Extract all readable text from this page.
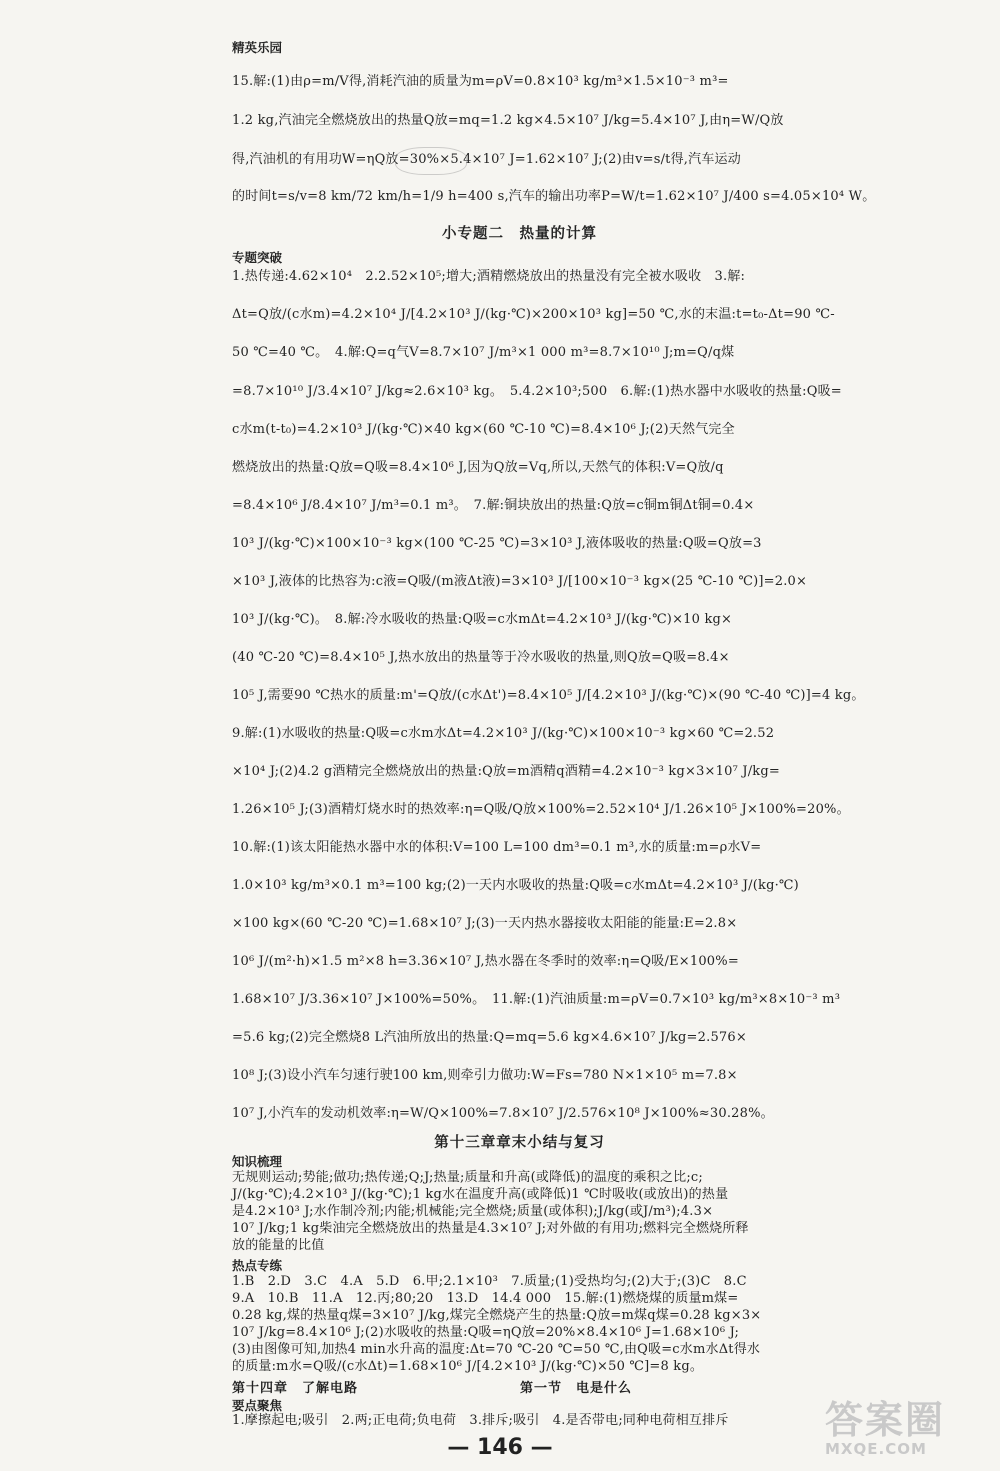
精英乐园
15.解:(1)由ρ=m/V得,消耗汽油的质量为m=ρV=0.8×10³ kg/m³×1.5×10⁻³ m³=
1.2 kg,汽油完全燃烧放出的热量Q放=mq=1.2 kg×4.5×10⁷ J/kg=5.4×10⁷ J,由η=W/Q放
得,汽油机的有用功W=ηQ放=30%×5.4×10⁷ J=1.62×10⁷ J;(2)由v=s/t得,汽车运动
的时间t=s/v=8 km/72 km/h=1/9 h=400 s,汽车的输出功率P=W/t=1.62×10⁷ J/400 s=4.05×10⁴ W。
小专题二　热量的计算
专题突破
1.热传递:4.62×10⁴　2.2.52×10⁵;增大;酒精燃烧放出的热量没有完全被水吸收　3.解:
Δt=Q放/(c水m)=4.2×10⁴ J/[4.2×10³ J/(kg·℃)×200×10³ kg]=50 ℃,水的末温:t=t₀-Δt=90 ℃-
50 ℃=40 ℃。　4.解:Q=q气V=8.7×10⁷ J/m³×1 000 m³=8.7×10¹⁰ J;m=Q/q煤
=8.7×10¹⁰ J/3.4×10⁷ J/kg≈2.6×10³ kg。　5.4.2×10³;500　6.解:(1)热水器中水吸收的热量:Q吸=
c水m(t-t₀)=4.2×10³ J/(kg·℃)×40 kg×(60 ℃-10 ℃)=8.4×10⁶ J;(2)天然气完全
燃烧放出的热量:Q放=Q吸=8.4×10⁶ J,因为Q放=Vq,所以,天然气的体积:V=Q放/q
=8.4×10⁶ J/8.4×10⁷ J/m³=0.1 m³。　7.解:铜块放出的热量:Q放=c铜m铜Δt铜=0.4×
10³ J/(kg·℃)×100×10⁻³ kg×(100 ℃-25 ℃)=3×10³ J,液体吸收的热量:Q吸=Q放=3
×10³ J,液体的比热容为:c液=Q吸/(m液Δt液)=3×10³ J/[100×10⁻³ kg×(25 ℃-10 ℃)]=2.0×
10³ J/(kg·℃)。　8.解:冷水吸收的热量:Q吸=c水mΔt=4.2×10³ J/(kg·℃)×10 kg×
(40 ℃-20 ℃)=8.4×10⁵ J,热水放出的热量等于冷水吸收的热量,则Q放=Q吸=8.4×
10⁵ J,需要90 ℃热水的质量:m'=Q放/(c水Δt')=8.4×10⁵ J/[4.2×10³ J/(kg·℃)×(90 ℃-40 ℃)]=4 kg。
9.解:(1)水吸收的热量:Q吸=c水m水Δt=4.2×10³ J/(kg·℃)×100×10⁻³ kg×60 ℃=2.52
×10⁴ J;(2)4.2 g酒精完全燃烧放出的热量:Q放=m酒精q酒精=4.2×10⁻³ kg×3×10⁷ J/kg=
1.26×10⁵ J;(3)酒精灯烧水时的热效率:η=Q吸/Q放×100%=2.52×10⁴ J/1.26×10⁵ J×100%=20%。
10.解:(1)该太阳能热水器中水的体积:V=100 L=100 dm³=0.1 m³,水的质量:m=ρ水V=
1.0×10³ kg/m³×0.1 m³=100 kg;(2)一天内水吸收的热量:Q吸=c水mΔt=4.2×10³ J/(kg·℃)
×100 kg×(60 ℃-20 ℃)=1.68×10⁷ J;(3)一天内热水器接收太阳能的能量:E=2.8×
10⁶ J/(m²·h)×1.5 m²×8 h=3.36×10⁷ J,热水器在冬季时的效率:η=Q吸/E×100%=
1.68×10⁷ J/3.36×10⁷ J×100%=50%。　11.解:(1)汽油质量:m=ρV=0.7×10³ kg/m³×8×10⁻³ m³
=5.6 kg;(2)完全燃烧8 L汽油所放出的热量:Q=mq=5.6 kg×4.6×10⁷ J/kg=2.576×
10⁸ J;(3)设小汽车匀速行驶100 km,则牵引力做功:W=Fs=780 N×1×10⁵ m=7.8×
10⁷ J,小汽车的发动机效率:η=W/Q×100%=7.8×10⁷ J/2.576×10⁸ J×100%≈30.28%。
第十三章章末小结与复习
知识梳理
无规则运动;势能;做功;热传递;Q;J;热量;质量和升高(或降低)的温度的乘积之比;c;
J/(kg·℃);4.2×10³ J/(kg·℃);1 kg水在温度升高(或降低)1 ℃时吸收(或放出)的热量
是4.2×10³ J;水作制冷剂;内能;机械能;完全燃烧;质量(或体积);J/kg(或J/m³);4.3×
10⁷ J/kg;1 kg柴油完全燃烧放出的热量是4.3×10⁷ J;对外做的有用功;燃料完全燃烧所释
放的能量的比值
热点专练
1.B　2.D　3.C　4.A　5.D　6.甲;2.1×10³　7.质量;(1)受热均匀;(2)大于;(3)C　8.C
9.A　10.B　11.A　12.丙;80;20　13.D　14.4 000　15.解:(1)燃烧煤的质量m煤=
0.28 kg,煤的热量q煤=3×10⁷ J/kg,煤完全燃烧产生的热量:Q放=m煤q煤=0.28 kg×3×
10⁷ J/kg=8.4×10⁶ J;(2)水吸收的热量:Q吸=ηQ放=20%×8.4×10⁶ J=1.68×10⁶ J;
(3)由图像可知,加热4 min水升高的温度:Δt=70 ℃-20 ℃=50 ℃,由Q吸=c水m水Δt得水
的质量:m水=Q吸/(c水Δt)=1.68×10⁶ J/[4.2×10³ J/(kg·℃)×50 ℃]=8 kg。
第十四章　了解电路	第一节　电是什么
要点聚焦
1.摩擦起电;吸引　2.两;正电荷;负电荷　3.排斥;吸引　4.是否带电;同种电荷相互排斥
— 146 —
答案圈
MXQE.COM
